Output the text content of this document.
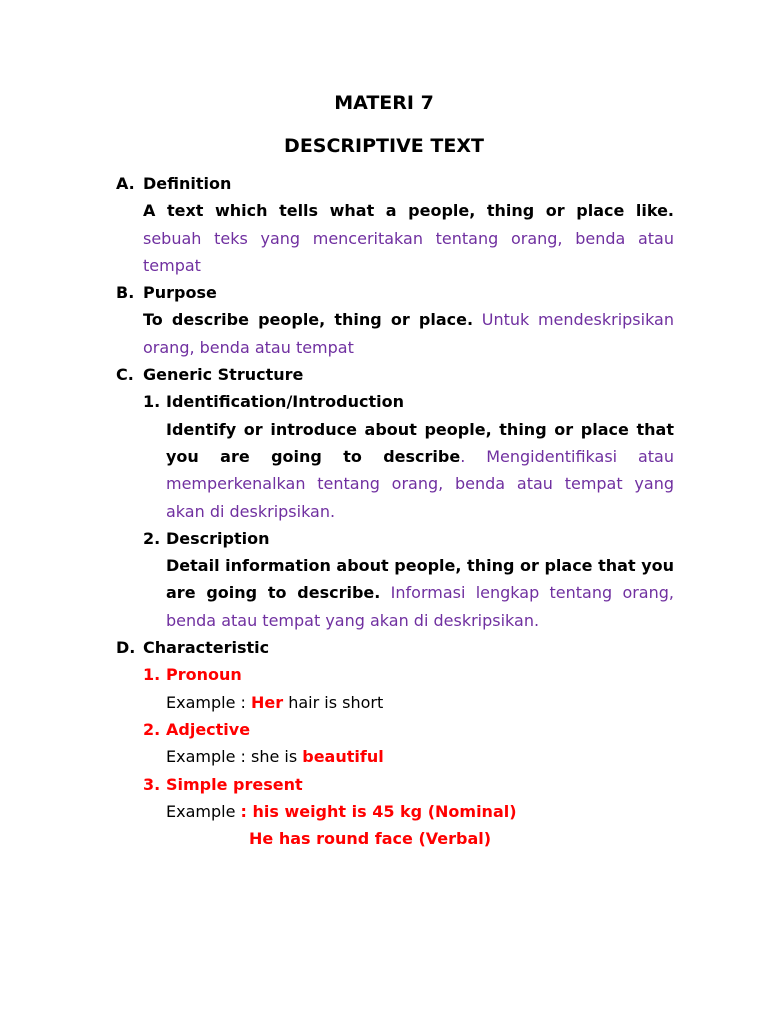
MATERI 7
DESCRIPTIVE TEXT
A. Definition
A text which tells what a people, thing or place like. sebuah teks yang menceritakan tentang orang, benda atau tempat
B. Purpose
To describe people, thing or place. Untuk mendeskripsikan orang, benda atau tempat
C. Generic Structure
1. Identification/Introduction
Identify or introduce about people, thing or place that you are going to describe. Mengidentifikasi atau memperkenalkan tentang orang, benda atau tempat yang akan di deskripsikan.
2. Description
Detail information about people, thing or place that you are going to describe. Informasi lengkap tentang orang, benda atau tempat yang akan di deskripsikan.
D. Characteristic
1. Pronoun
Example : Her hair is short
2. Adjective
Example : she is beautiful
3. Simple present
Example : his weight is 45 kg (Nominal)
He has round face (Verbal)
